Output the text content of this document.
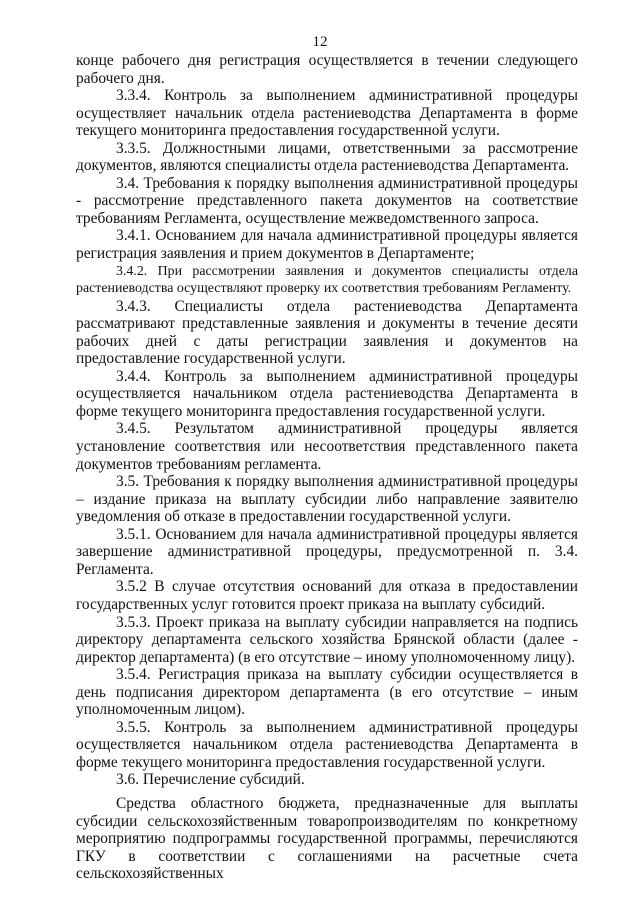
12

конце рабочего дня регистрация осуществляется в течении следующего рабочего дня.

3.3.4. Контроль за выполнением административной процедуры осуществляет начальник отдела растениеводства Департамента в форме текущего мониторинга предоставления государственной услуги.

3.3.5. Должностными лицами, ответственными за рассмотрение документов, являются специалисты отдела растениеводства Департамента.

3.4. Требования к порядку выполнения административной процедуры - рассмотрение представленного пакета документов на соответствие требованиям Регламента, осуществление межведомственного запроса.

3.4.1. Основанием для начала административной процедуры является регистрация заявления и прием документов в Департаменте;

3.4.2. При рассмотрении заявления и документов специалисты отдела растениеводства осуществляют проверку их соответствия требованиям Регламенту.

3.4.3. Специалисты отдела растениеводства Департамента рассматривают представленные заявления и документы в течение десяти рабочих дней с даты регистрации заявления и документов на предоставление государственной услуги.

3.4.4. Контроль за выполнением административной процедуры осуществляется начальником отдела растениеводства Департамента в форме текущего мониторинга предоставления государственной услуги.

3.4.5. Результатом административной процедуры является установление соответствия или несоответствия представленного пакета документов требованиям регламента.

3.5. Требования к порядку выполнения административной процедуры – издание приказа на выплату субсидии либо направление заявителю уведомления об отказе в предоставлении государственной услуги.

3.5.1. Основанием для начала административной процедуры является завершение административной процедуры, предусмотренной п. 3.4. Регламента.

3.5.2 В случае отсутствия оснований для отказа в предоставлении государственных услуг готовится проект приказа на выплату субсидий.

3.5.3. Проект приказа на выплату субсидии направляется на подпись директору департамента сельского хозяйства Брянской области (далее - директор департамента) (в его отсутствие – иному уполномоченному лицу).

3.5.4. Регистрация приказа на выплату субсидии осуществляется в день подписания директором департамента (в его отсутствие – иным уполномоченным лицом).

3.5.5. Контроль за выполнением административной процедуры осуществляется начальником отдела растениеводства Департамента в форме текущего мониторинга предоставления государственной услуги.

3.6. Перечисление субсидий.

Средства областного бюджета, предназначенные для выплаты субсидии сельскохозяйственным товаропроизводителям по конкретному мероприятию подпрограммы государственной программы, перечисляются ГКУ в соответствии с соглашениями на расчетные счета сельскохозяйственных
